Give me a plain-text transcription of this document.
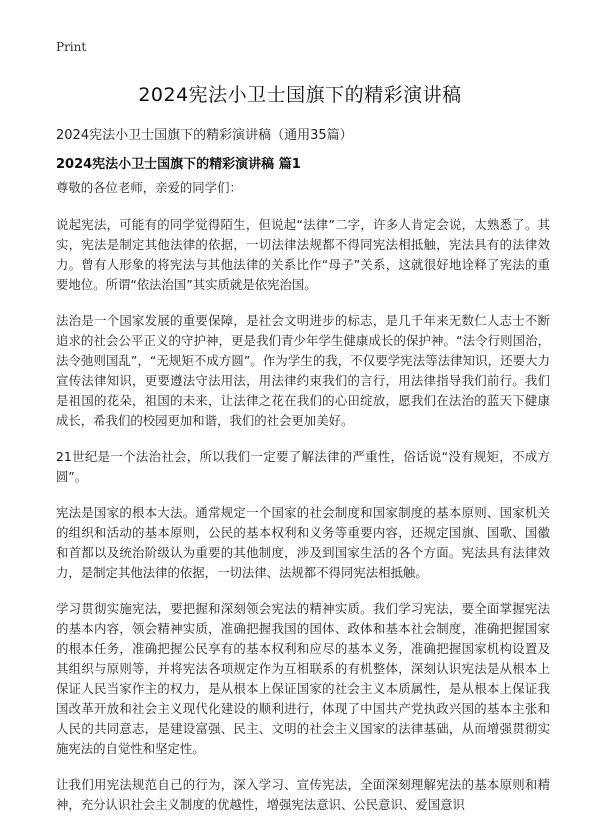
Print
2024宪法小卫士国旗下的精彩演讲稿

2024宪法小卫士国旗下的精彩演讲稿（通用35篇）

2024宪法小卫士国旗下的精彩演讲稿 篇1

尊敬的各位老师，亲爱的同学们：

说起宪法，可能有的同学觉得陌生，但说起“法律”二字，许多人肯定会说，太熟悉了。其实，宪法是制定其他法律的依据，一切法律法规都不得同宪法相抵触，宪法具有的法律效力。曾有人形象的将宪法与其他法律的关系比作“母子”关系，这就很好地诠释了宪法的重要地位。所谓“依法治国”其实质就是依宪治国。

法治是一个国家发展的重要保障，是社会文明进步的标志，是几千年来无数仁人志士不断追求的社会公平正义的守护神，更是我们青少年学生健康成长的保护神。“法令行则国治，法令弛则国乱”，“无规矩不成方圆”。作为学生的我，不仅要学宪法等法律知识，还要大力宣传法律知识，更要遵法守法用法，用法律约束我们的言行，用法律指导我们前行。我们是祖国的花朵，祖国的未来，让法律之花在我们的心田绽放，愿我们在法治的蓝天下健康成长，希我们的校园更加和谐，我们的社会更加美好。

21世纪是一个法治社会，所以我们一定要了解法律的严重性，俗话说“没有规矩，不成方圆”。

宪法是国家的根本大法。通常规定一个国家的社会制度和国家制度的基本原则、国家机关的组织和活动的基本原则，公民的基本权利和义务等重要内容，还规定国旗、国歌、国徽和首都以及统治阶级认为重要的其他制度，涉及到国家生活的各个方面。宪法具有法律效力，是制定其他法律的依据，一切法律、法规都不得同宪法相抵触。

学习贯彻实施宪法，要把握和深刻领会宪法的精神实质。我们学习宪法，要全面掌握宪法的基本内容，领会精神实质，准确把握我国的国体、政体和基本社会制度，准确把握国家的根本任务，准确把握公民享有的基本权利和应尽的基本义务，准确把握国家机构设置及其组织与原则等，并将宪法各项规定作为互相联系的有机整体，深刻认识宪法是从根本上保证人民当家作主的权力，是从根本上保证国家的社会主义本质属性，是从根本上保证我国改革开放和社会主义现代化建设的顺利进行，体现了中国共产党执政兴国的基本主张和人民的共同意志，是建设富强、民主、文明的社会主义国家的法律基础，从而增强贯彻实施宪法的自觉性和坚定性。

让我们用宪法规范自己的行为，深入学习、宣传宪法，全面深刻理解宪法的基本原则和精神，充分认识社会主义制度的优越性，增强宪法意识、公民意识、爱国意识
